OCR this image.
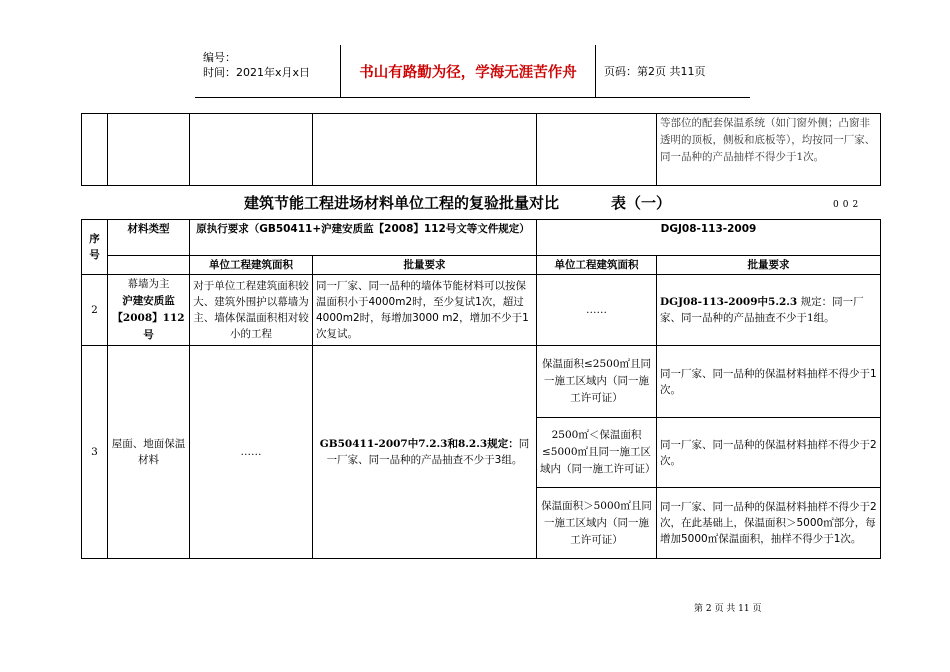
编号：
时间：2021年x月x日	书山有路勤为径，学海无涯苦作舟	页码：第2页 共11页
					等部位的配套保温系统（如门窗外侧；凸窗非透明的顶板，侧板和底板等），均按同一厂家、同一品种的产品抽样不得少于1次。
建筑节能工程进场材料单位工程的复验批量对比	表（一）	002
序号	材料类型	原执行要求（GB50411+沪建安质监【2008】112号文等文件规定）		DGJ08-113-2009	
		单位工程建筑面积	批量要求	单位工程建筑面积	批量要求
2	幕墙为主
沪建安质监
【2008】112
号	对于单位工程建筑面积较大、建筑外围护以幕墙为主、墙体保温面积相对较小的工程	同一厂家、同一品种的墙体节能材料可以按保温面积小于4000m2时，至少复试1次，超过4000m2时，每增加3000 m2，增加不少于1次复试。	……	DGJ08-113-2009中5.2.3 规定：同一厂家、同一品种的产品抽查不少于1组。
3	屋面、地面保温材料	……	GB50411-2007中7.2.3和8.2.3规定：同一厂家、同一品种的产品抽查不少于3组。	保温面积≤2500㎡且同一施工区域内（同一施工许可证）	同一厂家、同一品种的保温材料抽样不得少于1次。
				2500㎡＜保温面积≤5000㎡且同一施工区域内（同一施工许可证）	同一厂家、同一品种的保温材料抽样不得少于2次。
				保温面积＞5000㎡且同一施工区域内（同一施工许可证）	同一厂家、同一品种的保温材料抽样不得少于2次，在此基础上，保温面积＞5000㎡部分，每增加5000㎡保温面积，抽样不得少于1次。
第 2 页 共 11 页
